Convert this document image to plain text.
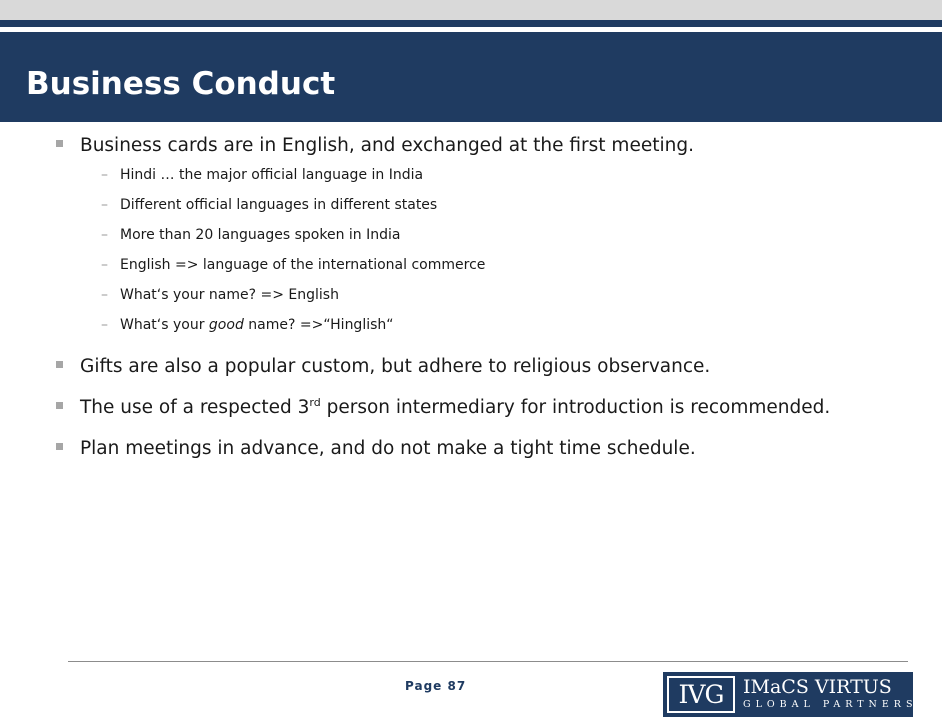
Business Conduct
Business cards are in English, and exchanged at the first meeting.
– Hindi … the major official language in India
– Different official languages in different states
– More than 20 languages spoken in India
– English => language of the international commerce
– What‘s your name? => English
– What‘s your good name? =>“Hinglish“
Gifts are also a popular custom, but adhere to religious observance.
The use of a respected 3rd person intermediary for introduction is recommended.
Plan meetings in advance, and do not make a tight time schedule.
Page 87	IVG	IMaCS VIRTUS
GLOBAL PARTNERS
